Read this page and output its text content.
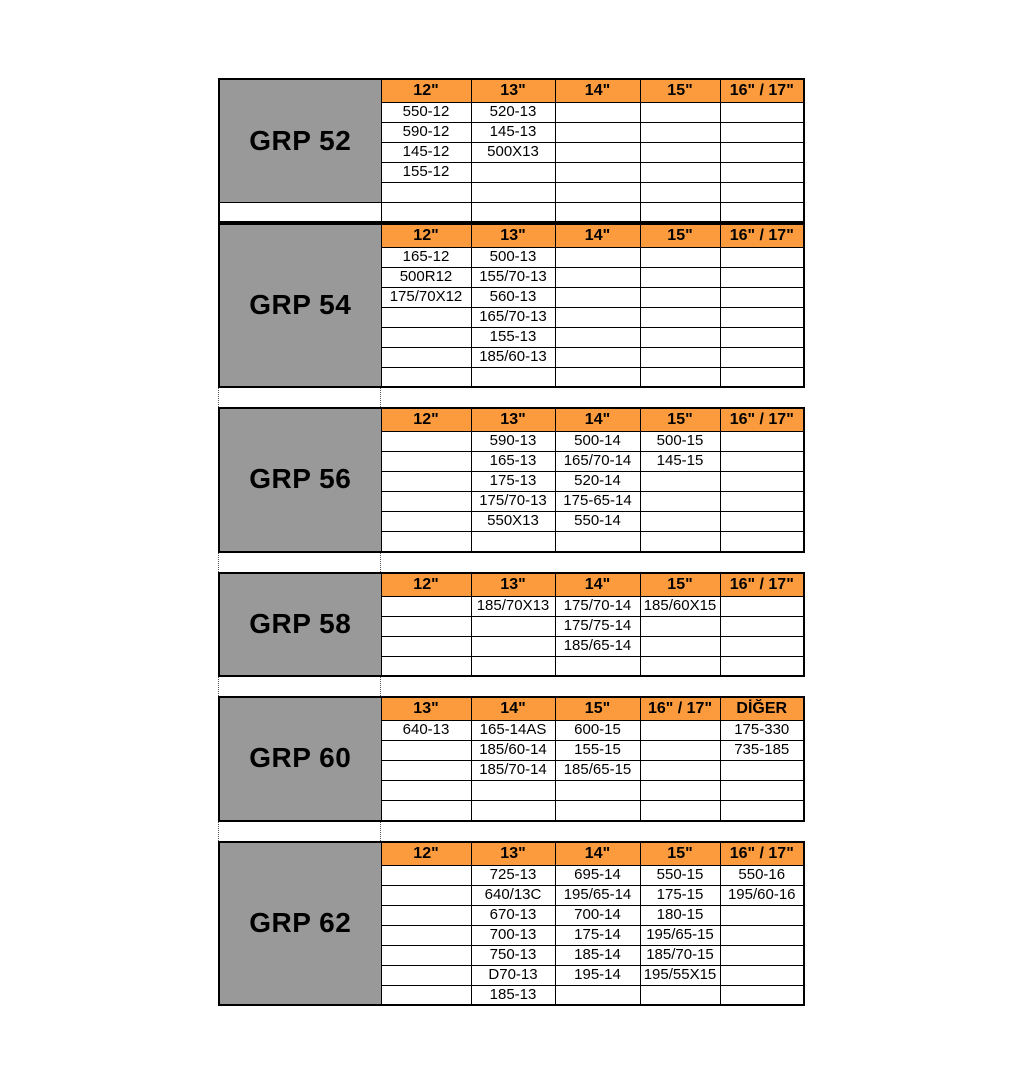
GRP 52	12"	13"	14"	15"	16" / 17"
	550-12	520-13			
	590-12	145-13			
	145-12	500X13			
	155-12				

GRP 54	12"	13"	14"	15"	16" / 17"
	165-12	500-13			
	500R12	155/70-13			
	175/70X12	560-13			
		165/70-13			
		155-13			
		185/60-13			

GRP 56	12"	13"	14"	15"	16" / 17"
		590-13	500-14	500-15	
		165-13	165/70-14	145-15	
		175-13	520-14		
		175/70-13	175-65-14		
		550X13	550-14		

GRP 58	12"	13"	14"	15"	16" / 17"
		185/70X13	175/70-14	185/60X15	
			175/75-14		
			185/65-14		

GRP 60	13"	14"	15"	16" / 17"	DİĞER
	640-13	165-14AS	600-15		175-330
		185/60-14	155-15		735-185
		185/70-14	185/65-15		

GRP 62	12"	13"	14"	15"	16" / 17"
		725-13	695-14	550-15	550-16
		640/13C	195/65-14	175-15	195/60-16
		670-13	700-14	180-15	
		700-13	175-14	195/65-15	
		750-13	185-14	185/70-15	
		D70-13	195-14	195/55X15	
		185-13			
